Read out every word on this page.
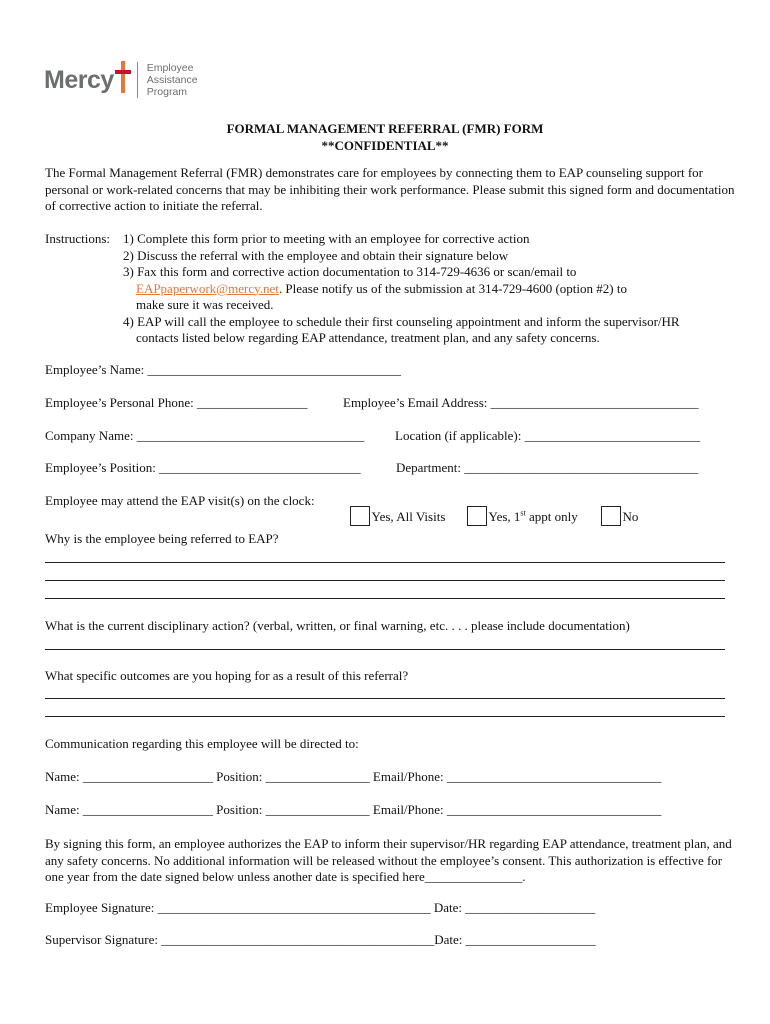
Mercy	Employee
Assistance
Program
FORMAL MANAGEMENT REFERRAL (FMR) FORM
**CONFIDENTIAL**
The Formal Management Referral (FMR) demonstrates care for employees by connecting them to EAP counseling support for personal or work-related concerns that may be inhibiting their work performance. Please submit this signed form and documentation of corrective action to initiate the referral.
Instructions: 1) Complete this form prior to meeting with an employee for corrective action
2) Discuss the referral with the employee and obtain their signature below
3) Fax this form and corrective action documentation to 314-729-4636 or scan/email to
EAPpaperwork@mercy.net. Please notify us of the submission at 314-729-4600 (option #2) to
make sure it was received.
4) EAP will call the employee to schedule their first counseling appointment and inform the supervisor/HR
contacts listed below regarding EAP attendance, treatment plan, and any safety concerns.
Employee’s Name: _______________________________________
Employee’s Personal Phone: _________________	Employee’s Email Address: ________________________________
Company Name: ___________________________________ Location (if applicable): ___________________________
Employee’s Position: _______________________________	Department: ____________________________________
Employee may attend the EAP visit(s) on the clock:

Yes, All Visits	Yes, 1st appt only	No

Why is the employee being referred to EAP?
What is the current disciplinary action? (verbal, written, or final warning, etc. . . . please include documentation)
What specific outcomes are you hoping for as a result of this referral?
Communication regarding this employee will be directed to:
Name: ____________________ Position: ________________ Email/Phone: _________________________________
Name: ____________________ Position: ________________ Email/Phone: _________________________________
By signing this form, an employee authorizes the EAP to inform their supervisor/HR regarding EAP attendance, treatment plan, and any safety concerns. No additional information will be released without the employee’s consent. This authorization is effective for one year from the date signed below unless another date is specified here_______________.
Employee Signature: __________________________________________ Date: ____________________
Supervisor Signature: __________________________________________Date: ____________________
